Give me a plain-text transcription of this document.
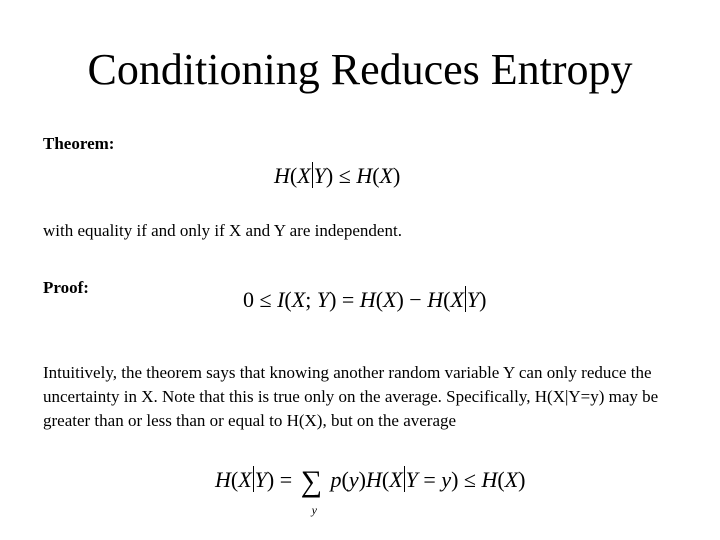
Conditioning Reduces Entropy
Theorem:
H(X Y) ≤ H(X)
with equality if and only if X and Y are independent.
Proof:	0 ≤ I(X; Y) = H(X) − H(X Y)
Intuitively, the theorem says that knowing another random variable Y can only reduce the uncertainty in X. Note that this is true only on the average. Specifically, H(X|Y=y) may be greater than or less than or equal to H(X), but on the average
H(X Y) = ∑
y
p(y)H(X Y = y) ≤ H(X)
